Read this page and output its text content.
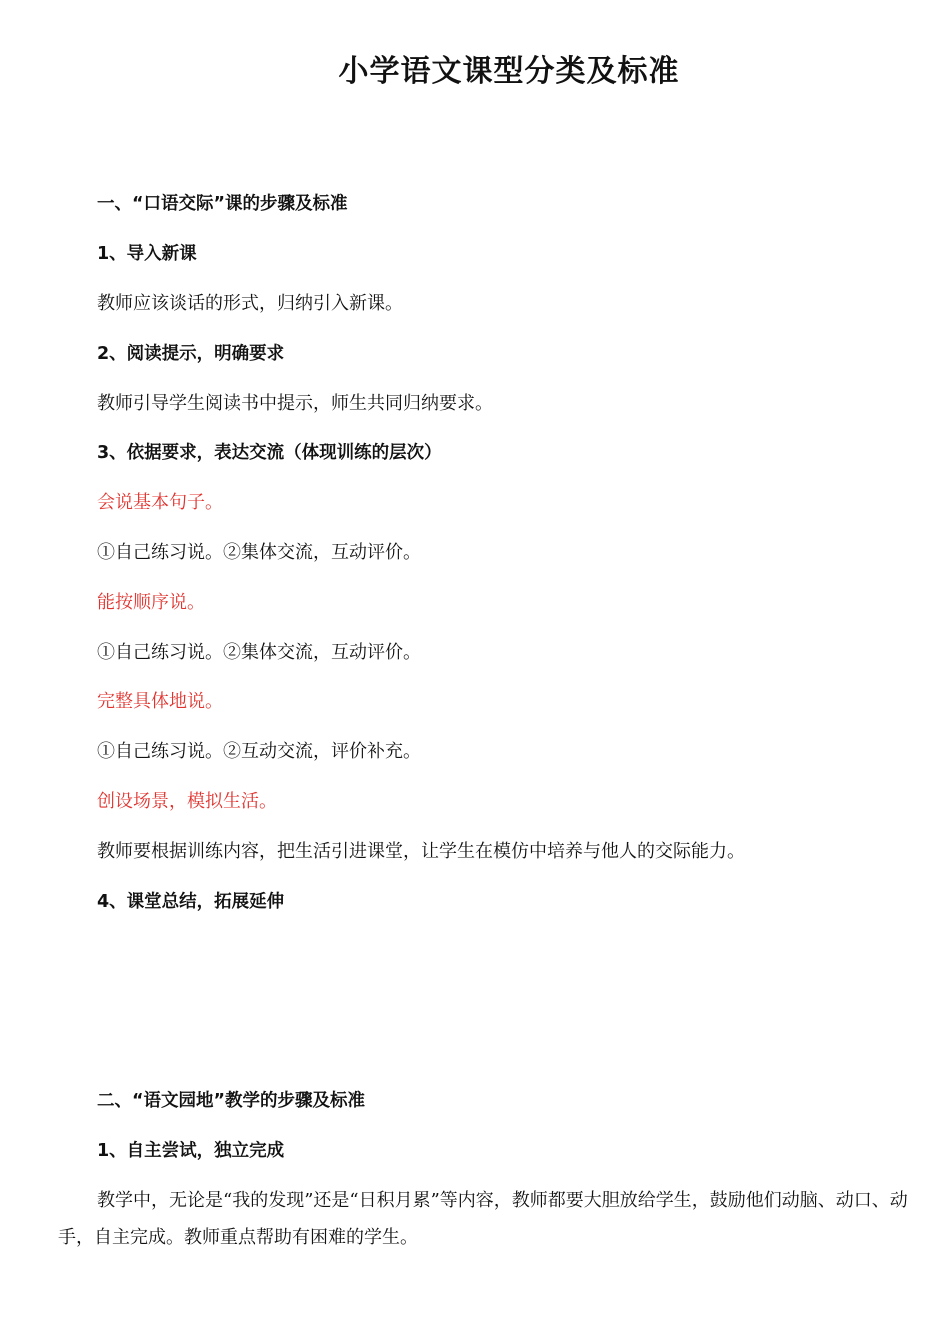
小学语文课型分类及标准
一、“口语交际”课的步骤及标准
1、导入新课
教师应该谈话的形式，归纳引入新课。
2、阅读提示，明确要求
教师引导学生阅读书中提示，师生共同归纳要求。
3、依据要求，表达交流（体现训练的层次）
会说基本句子。
①自己练习说。②集体交流，互动评价。
能按顺序说。
①自己练习说。②集体交流，互动评价。
完整具体地说。
①自己练习说。②互动交流，评价补充。
创设场景，模拟生活。
教师要根据训练内容，把生活引进课堂，让学生在模仿中培养与他人的交际能力。
4、课堂总结，拓展延伸
二、“语文园地”教学的步骤及标准
1、自主尝试，独立完成
教学中，无论是“我的发现”还是“日积月累”等内容，教师都要大胆放给学生，鼓励他们动脑、动口、动手，自主完成。教师重点帮助有困难的学生。
